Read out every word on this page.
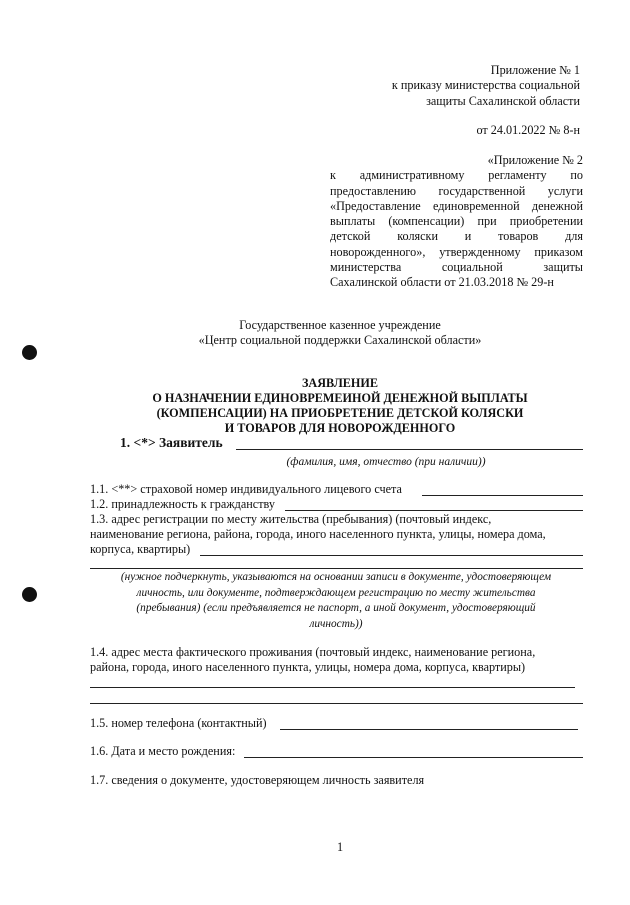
Приложение № 1
к приказу министерства социальной
защиты Сахалинской области
от 24.01.2022 № 8-н
«Приложение № 2
к административному регламенту по
предоставлению государственной услуги
«Предоставление единовременной денежной
выплаты (компенсации) при приобретении
детской коляски и товаров для
новорожденного», утвержденному приказом
министерства социальной защиты
Сахалинской области от 21.03.2018 № 29-н
Государственное казенное учреждение
«Центр социальной поддержки Сахалинской области»
ЗАЯВЛЕНИЕ
О НАЗНАЧЕНИИ ЕДИНОВРЕМЕИНОЙ ДЕНЕЖНОЙ ВЫПЛАТЫ
(КОМПЕНСАЦИИ) НА ПРИОБРЕТЕНИЕ ДЕТСКОЙ КОЛЯСКИ
И ТОВАРОВ ДЛЯ НОВОРОЖДЕННОГО
1. <*> Заявитель
(фамилия, имя, отчество (при наличии))
1.1. <**> страховой номер индивидуального лицевого счета
1.2. принадлежность к гражданству
1.3. адрес регистрации по месту жительства (пребывания) (почтовый индекс,
наименование региона, района, города, иного населенного пункта, улицы, номера дома,
корпуса, квартиры)
(нужное подчеркнуть, указываются на основании записи в документе, удостоверяющем
личность, или документе, подтверждающем регистрацию по месту жительства
(пребывания) (если предъявляется не паспорт, а иной документ, удостоверяющий
личность))
1.4. адрес места фактического проживания (почтовый индекс, наименование региона,
района, города, иного населенного пункта, улицы, номера дома, корпуса, квартиры)
1.5. номер телефона (контактный)
1.6. Дата и место рождения:
1.7. сведения о документе, удостоверяющем личность заявителя
1
